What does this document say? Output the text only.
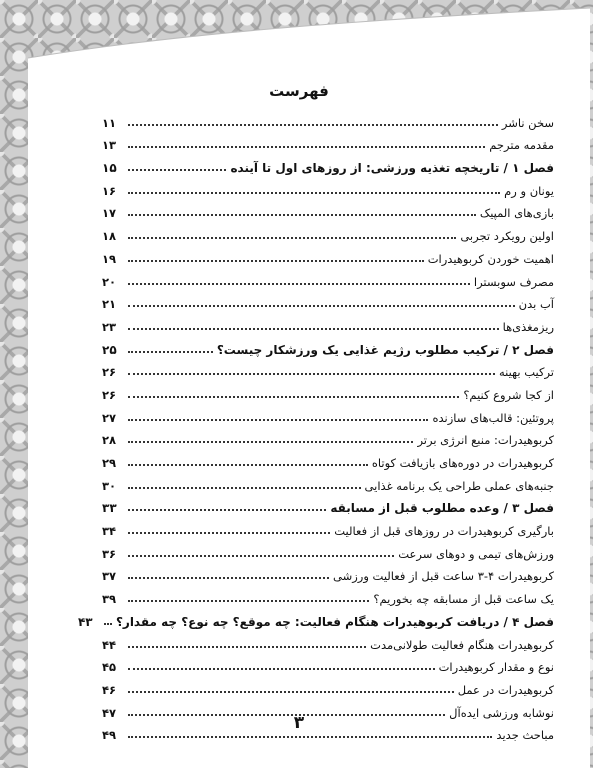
فهرست
سخن ناشر
۱۱
مقدمه مترجم
۱۳
فصل ۱ / تاریخچه تغذیه ورزشی: از روزهای اول تا آینده
۱۵
یونان و رم
۱۶
بازی‌های المپیک
۱۷
اولین رویکرد تجربی
۱۸
اهمیت خوردن کربوهیدرات
۱۹
مصرف سوبسترا
۲۰
آب بدن
۲۱
ریزمغذی‌ها
۲۳
فصل ۲ / ترکیب مطلوب رژیم غذایی یک ورزشکار چیست؟
۲۵
ترکیب بهینه
۲۶
از کجا شروع کنیم؟
۲۶
پروتئین: قالب‌های سازنده
۲۷
کربوهیدرات: منبع انرژی برتر
۲۸
کربوهیدرات در دوره‌های بازیافت کوتاه
۲۹
جنبه‌های عملی طراحی یک برنامه غذایی
۳۰
فصل ۳ / وعده مطلوب قبل از مسابقه
۳۳
بارگیری کربوهیدرات در روزهای قبل از فعالیت
۳۴
ورزش‌های تیمی و دوهای سرعت
۳۶
کربوهیدرات ۴-۳ ساعت قبل از فعالیت ورزشی
۳۷
یک ساعت قبل از مسابقه چه بخوریم؟
۳۹
فصل ۴ / دریافت کربوهیدرات هنگام فعالیت: چه موقع؟ چه نوع؟ چه مقدار؟
۴۳
کربوهیدرات هنگام فعالیت طولانی‌مدت
۴۴
نوع و مقدار کربوهیدرات
۴۵
کربوهیدرات در عمل
۴۶
نوشابه ورزشی ایده‌آل
۴۷
مباحث جدید
۴۹
۳
